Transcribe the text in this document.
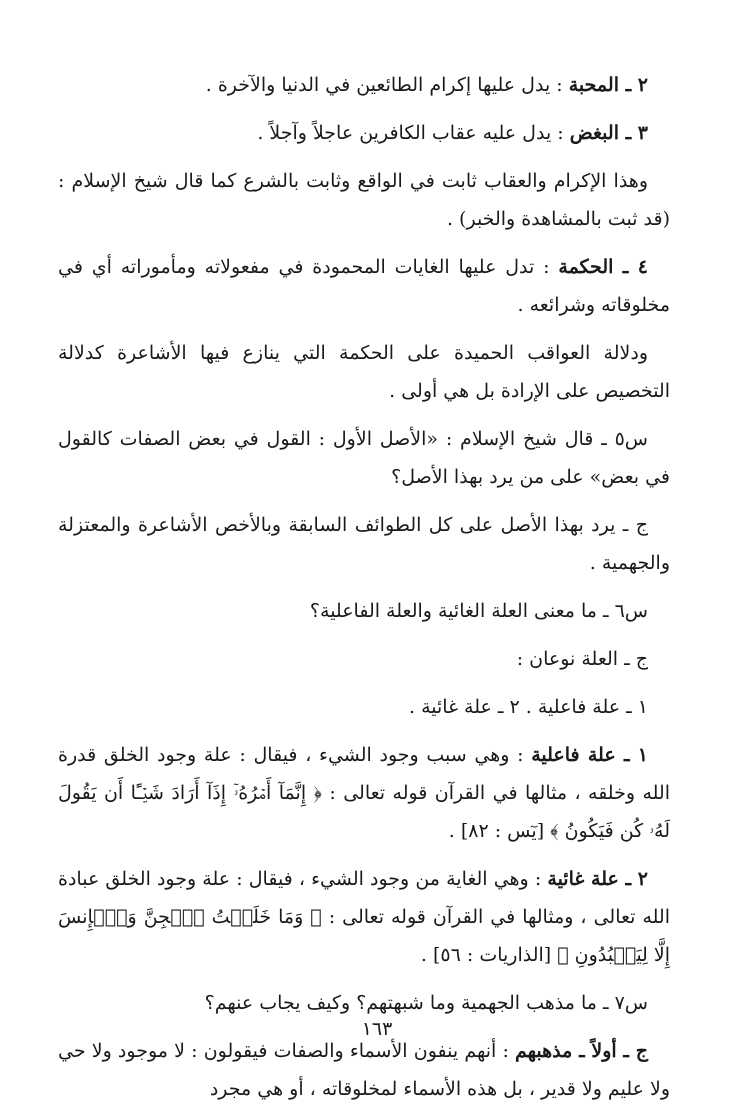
٢ ـ المحبة : يدل عليها إكرام الطائعين في الدنيا والآخرة .

٣ ـ البغض : يدل عليه عقاب الكافرين عاجلاً وآجلاً .

وهذا الإكرام والعقاب ثابت في الواقع وثابت بالشرع كما قال شيخ الإسلام : (قد ثبت بالمشاهدة والخبر) .

٤ ـ الحكمة : تدل عليها الغايات المحمودة في مفعولاته ومأموراته أي في مخلوقاته وشرائعه .

ودلالة العواقب الحميدة على الحكمة التي ينازع فيها الأشاعرة كدلالة التخصيص على الإرادة بل هي أولى .

س٥ ـ قال شيخ الإسلام : «الأصل الأول : القول في بعض الصفات كالقول في بعض» على من يرد بهذا الأصل؟

ج ـ يرد بهذا الأصل على كل الطوائف السابقة وبالأخص الأشاعرة والمعتزلة والجهمية .

س٦ ـ ما معنى العلة الغائية والعلة الفاعلية؟

ج ـ العلة نوعان :

١ ـ علة فاعلية . ٢ ـ علة غائية .

١ ـ علة فاعلية : وهي سبب وجود الشيء ، فيقال : علة وجود الخلق قدرة الله وخلقه ، مثالها في القرآن قوله تعالى : ﴿ إِنَّمَآ أَمۡرُهُۥٓ إِذَآ أَرَادَ شَيۡـًٔا أَن يَقُولَ لَهُۥ كُن فَيَكُونُ ﴾ [يٓس : ٨٢] .

٢ ـ علة غائية : وهي الغاية من وجود الشيء ، فيقال : علة وجود الخلق عبادة الله تعالى ، ومثالها في القرآن قوله تعالى : ﴿ وَمَا خَلَقۡتُ ٱلۡجِنَّ وَٱلۡإِنسَ إِلَّا لِيَعۡبُدُونِ ﴾ [الذاريات : ٥٦] .

س٧ ـ ما مذهب الجهمية وما شبهتهم؟ وكيف يجاب عنهم؟

ج ـ أولاً ـ مذهبهم : أنهم ينفون الأسماء والصفات فيقولون : لا موجود ولا حي ولا عليم ولا قدير ، بل هذه الأسماء لمخلوقاته ، أو هي مجرد

١٦٣
